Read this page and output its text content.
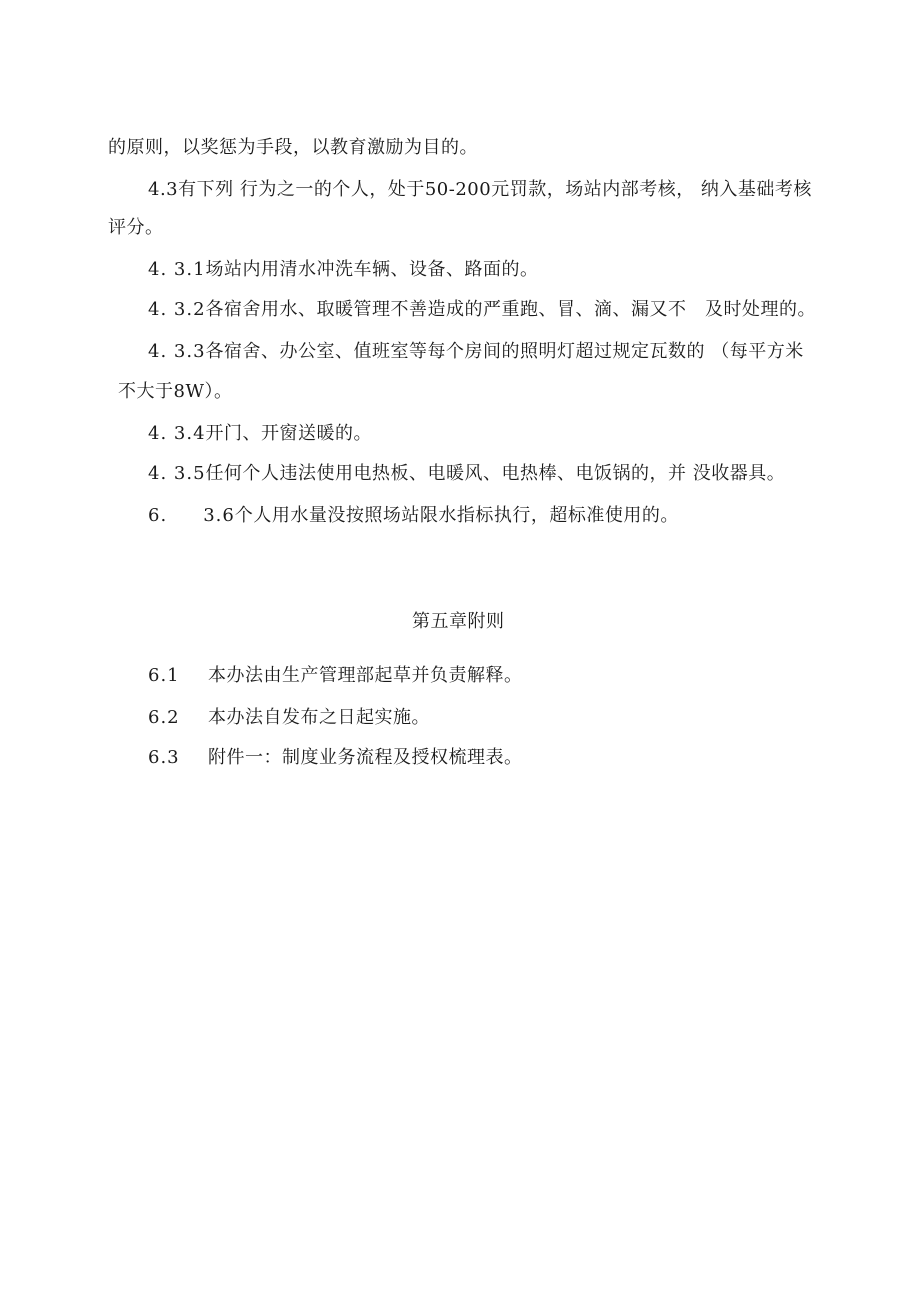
的原则，以奖惩为手段，以教育激励为目的。
4.3有下列 行为之一的个人，处于50-200元罚款，场站内部考核， 纳入基础考核
评分。
4. 3.1场站内用清水冲洗车辆、设备、路面的。
4. 3.2各宿舍用水、取暖管理不善造成的严重跑、冒、滴、漏又不　及时处理的。
4. 3.3各宿舍、办公室、值班室等每个房间的照明灯超过规定瓦数的 （每平方米
不大于8W）。
4. 3.4开门、开窗送暖的。
4. 3.5任何个人违法使用电热板、电暖风、电热棒、电饭锅的，并 没收器具。
6. 3.6个人用水量没按照场站限水指标执行，超标准使用的。
第五章附则
6.1 本办法由生产管理部起草并负责解释。
6.2 本办法自发布之日起实施。
6.3 附件一：制度业务流程及授权梳理表。
